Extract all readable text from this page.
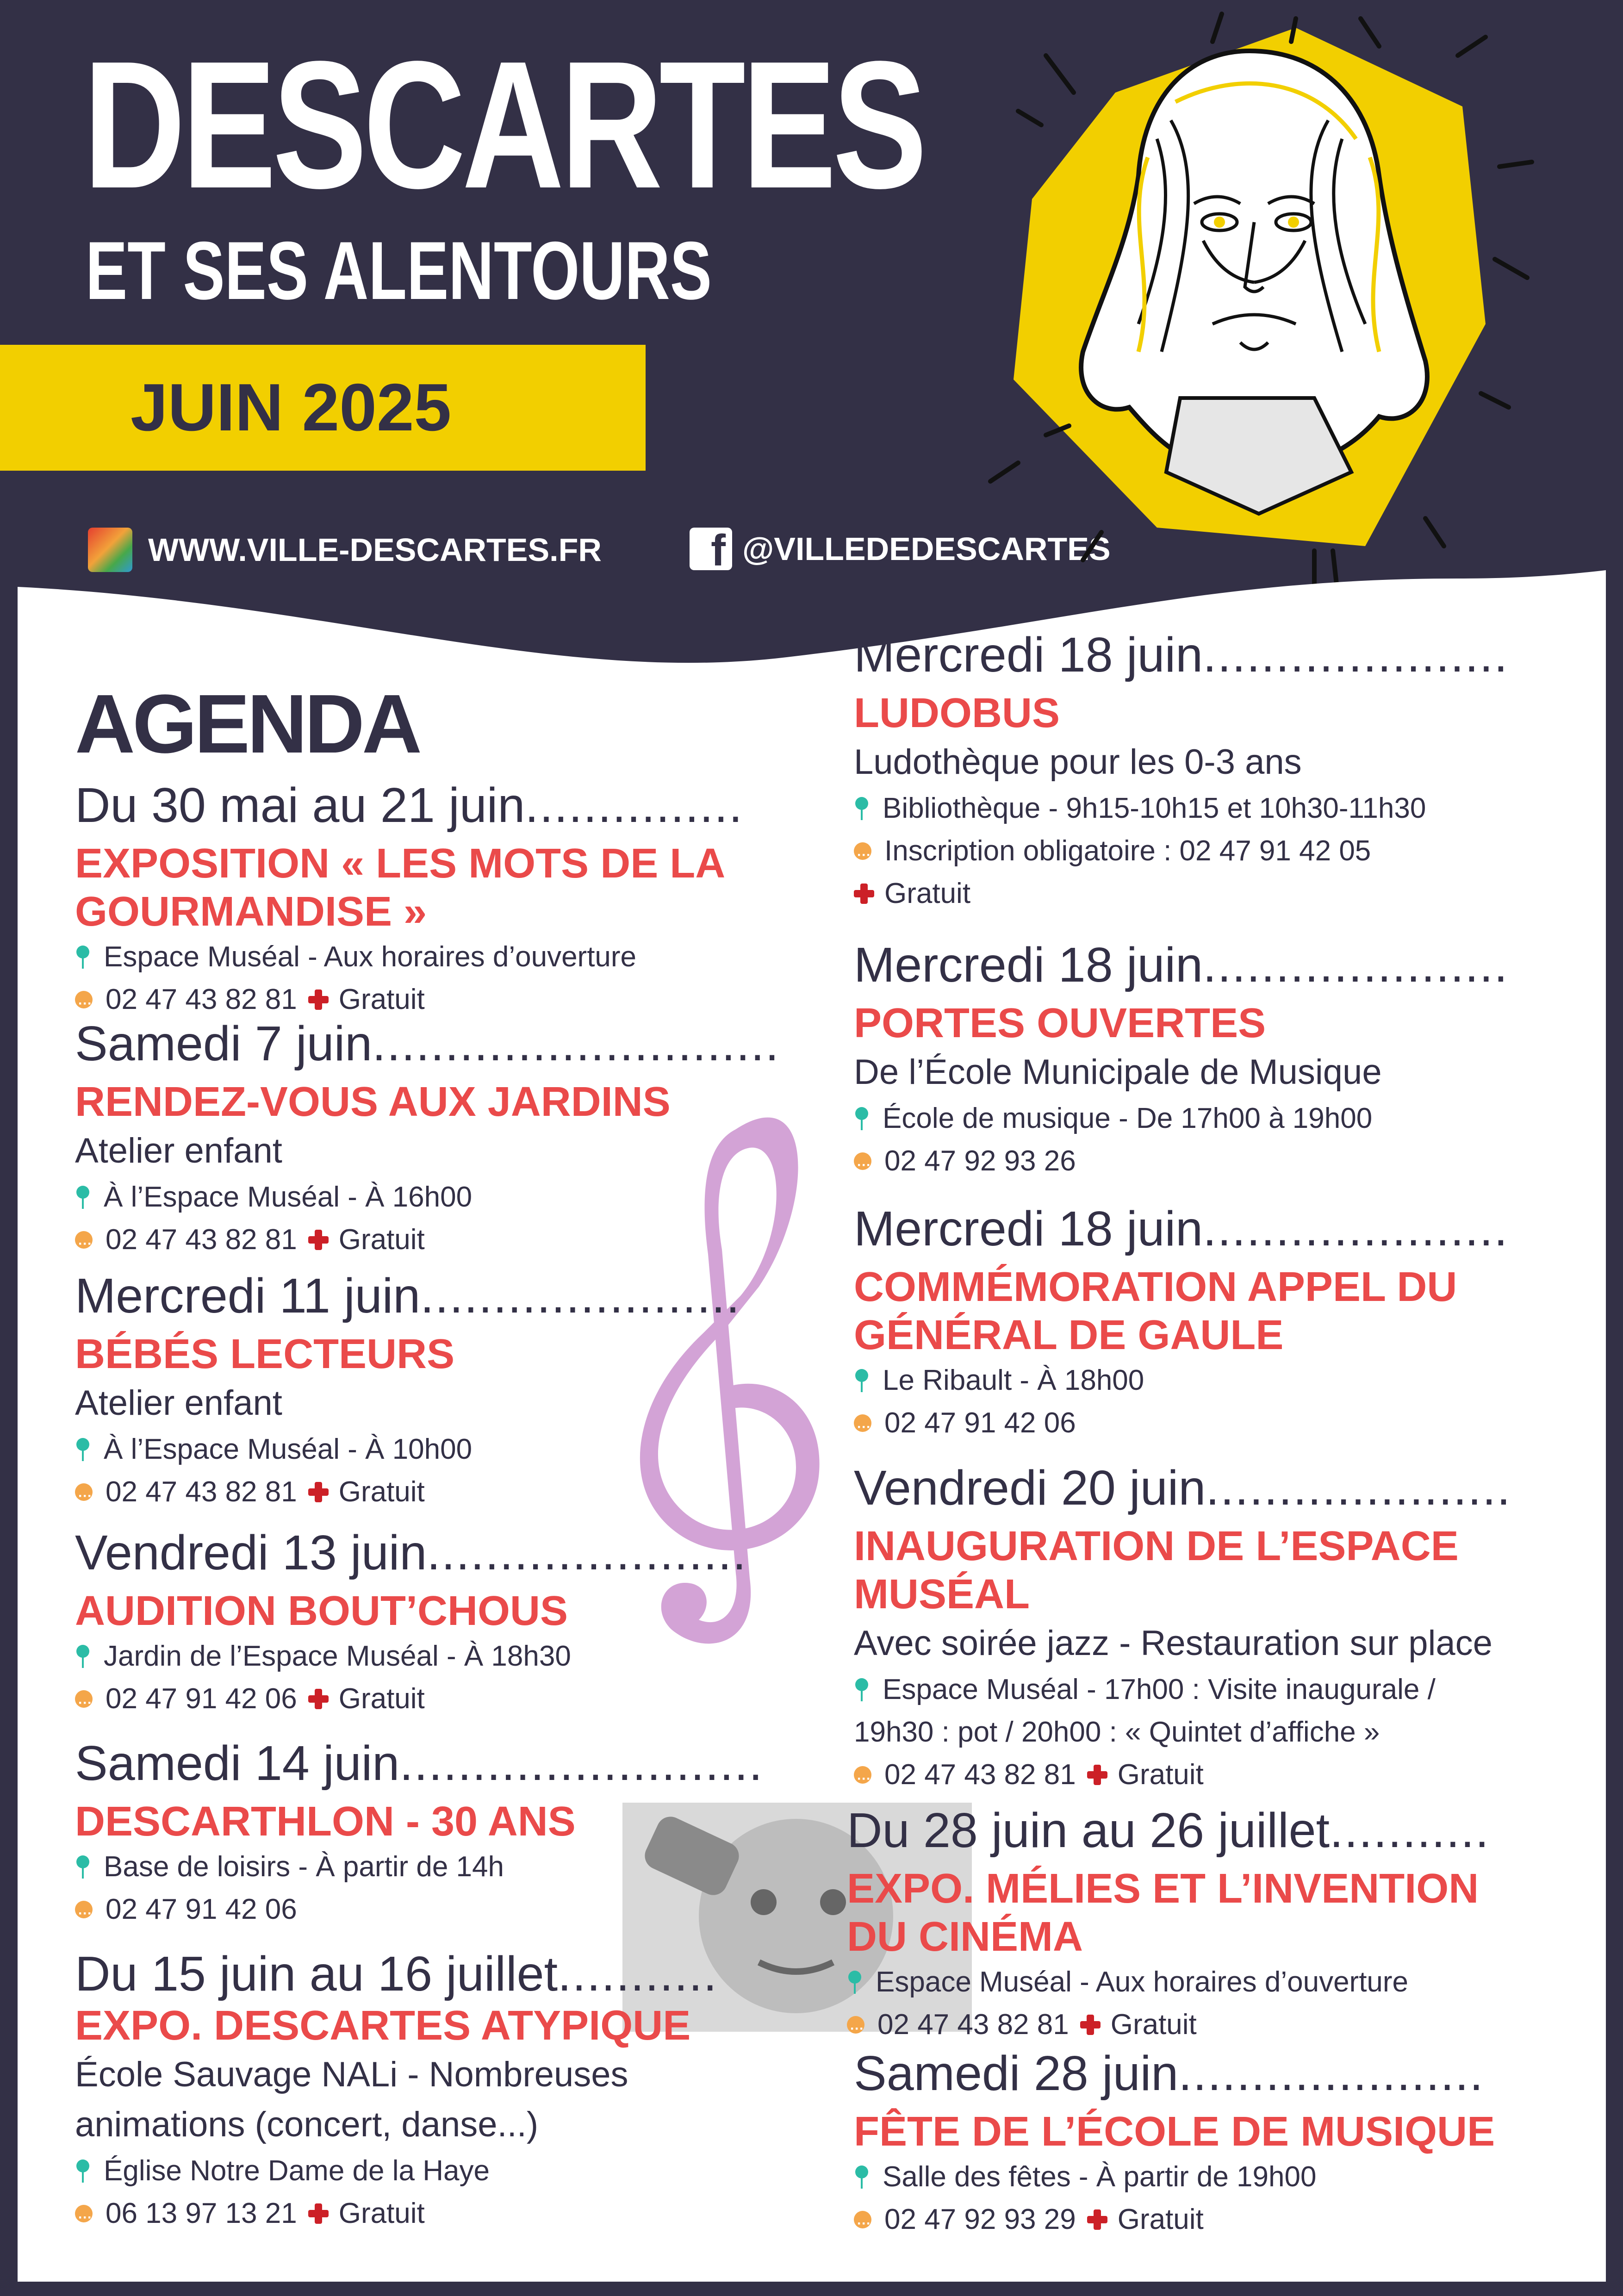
DESCARTES
ET SES ALENTOURS
JUIN 2025
WWW.VILLE-DESCARTES.FR f @VILLEDEDESCARTES
AGENDA
Du 30 mai au 21 juin...............
EXPOSITION « LES MOTS DE LA GOURMANDISE »
Espace Muséal - Aux horaires d’ouverture
···
02 47 43 82 81 Gratuit
Samedi 7 juin............................
RENDEZ-VOUS AUX JARDINS
Atelier enfant
À l’Espace Muséal - À 16h00
···
02 47 43 82 81 Gratuit
Mercredi 11 juin......................
BÉBÉS LECTEURS
Atelier enfant
À l’Espace Muséal - À 10h00
···
02 47 43 82 81 Gratuit
Vendredi 13 juin......................
AUDITION BOUT’CHOUS
Jardin de l’Espace Muséal - À 18h30
···
02 47 91 42 06 Gratuit
Samedi 14 juin.........................
DESCARTHLON - 30 ANS
Base de loisirs - À partir de 14h
···
02 47 91 42 06
Du 15 juin au 16 juillet...........
EXPO. DESCARTES ATYPIQUE
École Sauvage NALi - Nombreuses animations (concert, danse...)
Église Notre Dame de la Haye
···
06 13 97 13 21 Gratuit
Mercredi 18 juin.....................
LUDOBUS
Ludothèque pour les 0-3 ans
Bibliothèque - 9h15-10h15 et 10h30-11h30
···
Inscription obligatoire : 02 47 91 42 05
Gratuit
Mercredi 18 juin.....................
PORTES OUVERTES
De l’École Municipale de Musique
École de musique - De 17h00 à 19h00
···
02 47 92 93 26
Mercredi 18 juin.....................
COMMÉMORATION APPEL DU GÉNÉRAL DE GAULE
Le Ribault - À 18h00
···
02 47 91 42 06
Vendredi 20 juin.....................
INAUGURATION DE L’ESPACE MUSÉAL
Avec soirée jazz - Restauration sur place
Espace Muséal - 17h00 : Visite inaugurale /
19h30 : pot / 20h00 : « Quintet d’affiche »
···
02 47 43 82 81 Gratuit
Du 28 juin au 26 juillet...........
EXPO. MÉLIES ET L’INVENTION DU CINÉMA
Espace Muséal - Aux horaires d’ouverture
···
02 47 43 82 81 Gratuit
Samedi 28 juin.....................
FÊTE DE L’ÉCOLE DE MUSIQUE
Salle des fêtes - À partir de 19h00
···
02 47 92 93 29 Gratuit
